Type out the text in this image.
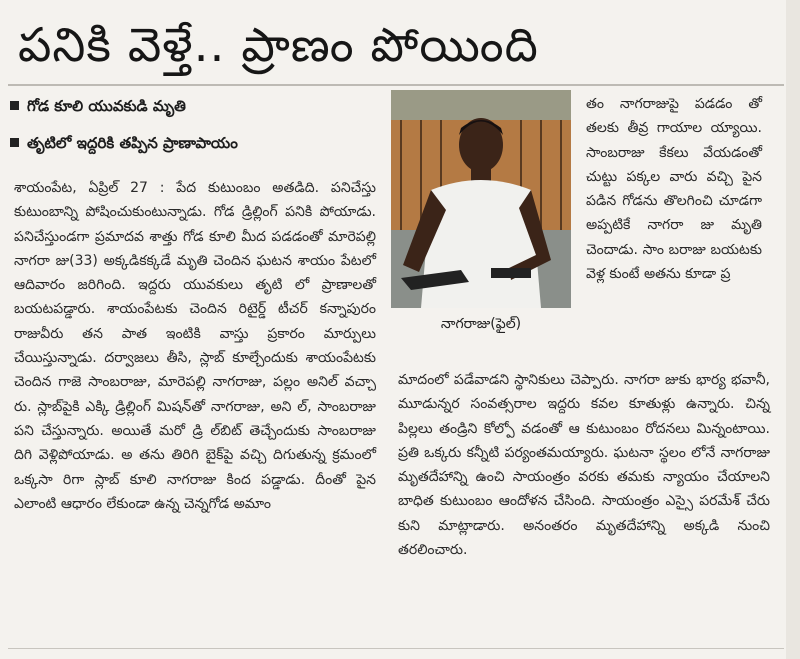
పనికి వెళ్తే.. ప్రాణం పోయింది
గోడ కూలి యువకుడి మృతి
తృటిలో ఇద్దరికి తప్పిన ప్రాణాపాయం

శాయంపేట, ఏప్రిల్ 27 : పేద కుటుంబం అతడిది. పనిచేస్తు కుటుంబాన్ని పోషించుకుంటున్నాడు. గోడ డ్రిల్లింగ్ పనికి పోయాడు. పనిచేస్తుండగా ప్రమాదవ శాత్తు గోడ కూలి మీద పడడంతో మారెపల్లి నాగరా జు(33) అక్కడికక్కడే మృతి చెందిన ఘటన శాయం పేటలో ఆదివారం జరిగింది. ఇద్దరు యువకులు తృటి లో ప్రాణాలతో బయటపడ్డారు. శాయంపేటకు చెందిన రిటైర్డ్ టీచర్ కన్నాపురం రాజువీరు తన పాత ఇంటికి వాస్తు ప్రకారం మార్పులు చేయిస్తున్నాడు. దర్వాజలు తీసి, స్లాబ్ కూల్చేందుకు శాయంపేటకు చెందిన గాజె సాంబరాజు, మారెపల్లి నాగరాజు, పల్లం అనిల్ వచ్చా రు. స్లాబ్‌పైకి ఎక్కి డ్రిల్లింగ్ మిషన్‌తో నాగరాజు, అని ల్, సాంబరాజు పని చేస్తున్నారు. అయితే మరో డ్రి ల్‌బిట్ తెచ్చేందుకు సాంబరాజు దిగి వెళ్లిపోయాడు. అ తను తిరిగి బైక్‌పై వచ్చి దిగుతున్న క్రమంలో ఒక్కసా రిగా స్లాబ్ కూలి నాగరాజు కింద పడ్డాడు. దీంతో పైన ఎలాంటి ఆధారం లేకుండా ఉన్న చెన్నగోడ అమాం

నాగరాజు(ఫైల్)

తం నాగరాజుపై పడడం తో తలకు తీవ్ర గాయాల య్యాయి. సాంబరాజు కేకలు వేయడంతో చుట్టు పక్కల వారు వచ్చి పైన పడిన గోడను తొలగించి చూడగా అప్పటికే నాగరా జు మృతి చెందాడు. సాం బరాజు బయటకు వెళ్ల కుంటే అతను కూడా ప్ర

మాదంలో పడేవాడని స్థానికులు చెప్పారు. నాగరా జుకు భార్య భవానీ, మూడున్నర సంవత్సరాల ఇద్దరు కవల కూతుళ్లు ఉన్నారు. చిన్న పిల్లలు తండ్రిని కోల్పో వడంతో ఆ కుటుంబం రోదనలు మిన్నంటాయి. ప్రతి ఒక్కరు కన్నీటి పర్యంతమయ్యారు. ఘటనా స్థలం లోనే నాగరాజు మృతదేహాన్ని ఉంచి సాయంత్రం వరకు తమకు న్యాయం చేయాలని బాధిత కుటుంబం ఆందోళన చేసింది. సాయంత్రం ఎస్సై పరమేశ్ చేరు కుని మాట్లాడారు. అనంతరం మృతదేహాన్ని అక్కడి నుంచి తరలించారు.
